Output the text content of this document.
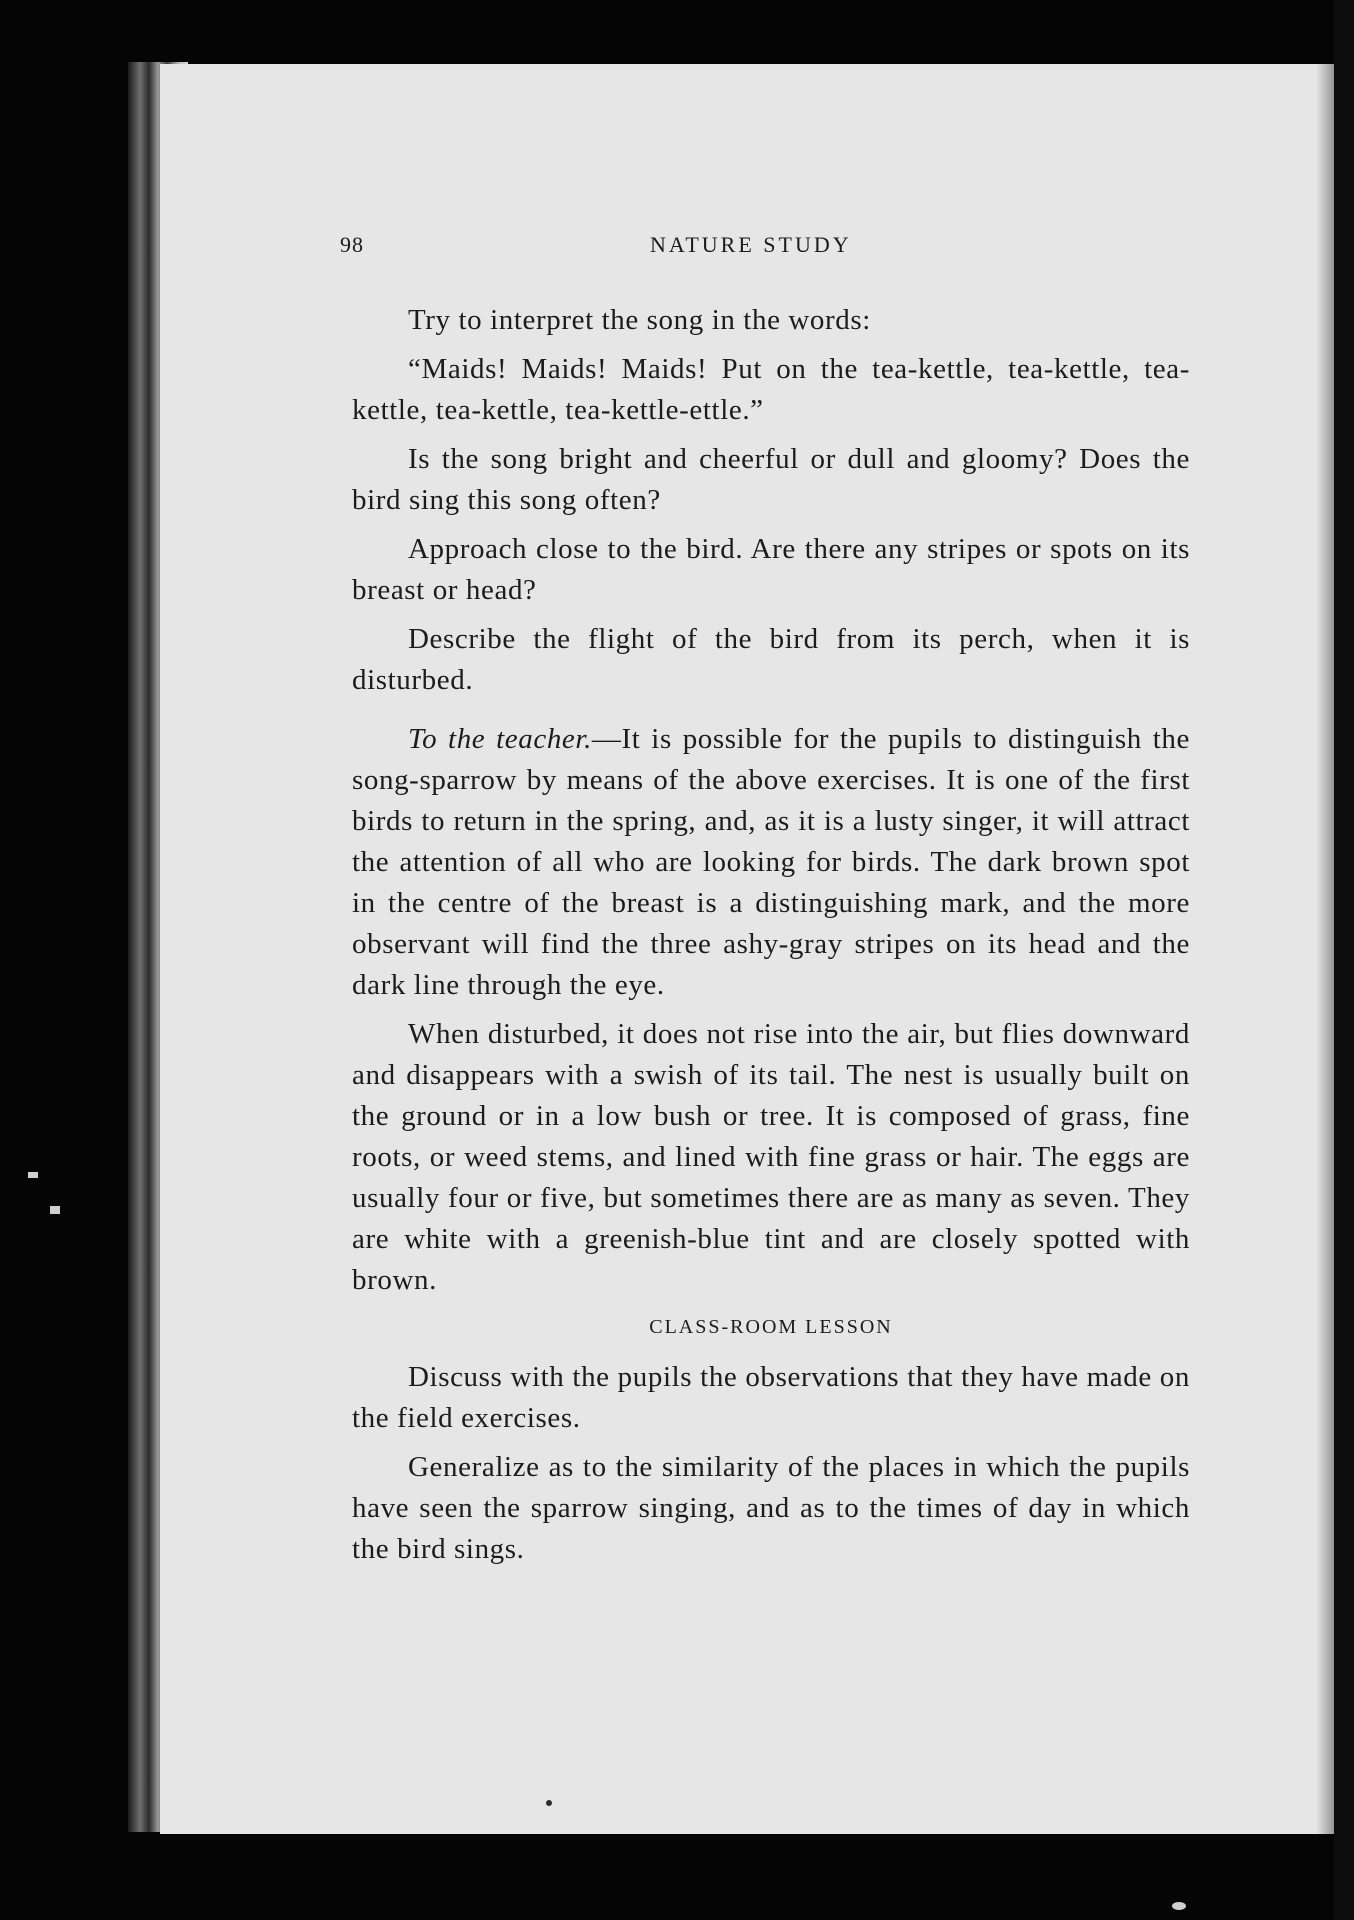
98	NATURE STUDY

Try to interpret the song in the words:

“Maids! Maids! Maids! Put on the tea-kettle, tea-kettle, tea-kettle, tea-kettle, tea-kettle-ettle.”

Is the song bright and cheerful or dull and gloomy? Does the bird sing this song often?

Approach close to the bird. Are there any stripes or spots on its breast or head?

Describe the flight of the bird from its perch, when it is disturbed.

To the teacher.—It is possible for the pupils to distinguish the song-sparrow by means of the above exercises. It is one of the first birds to return in the spring, and, as it is a lusty singer, it will attract the attention of all who are looking for birds. The dark brown spot in the centre of the breast is a distinguishing mark, and the more observant will find the three ashy-gray stripes on its head and the dark line through the eye.

When disturbed, it does not rise into the air, but flies downward and disappears with a swish of its tail. The nest is usually built on the ground or in a low bush or tree. It is composed of grass, fine roots, or weed stems, and lined with fine grass or hair. The eggs are usually four or five, but sometimes there are as many as seven. They are white with a greenish-blue tint and are closely spotted with brown.

CLASS-ROOM LESSON

Discuss with the pupils the observations that they have made on the field exercises.

Generalize as to the similarity of the places in which the pupils have seen the sparrow singing, and as to the times of day in which the bird sings.
